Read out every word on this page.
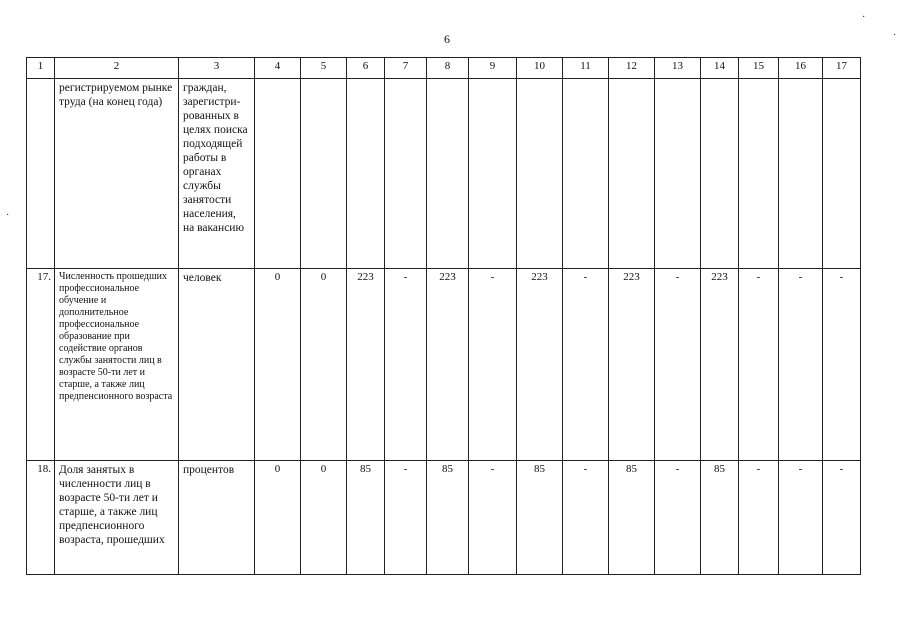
6
·
·
·
1	2	3	4	5	6	7	8	9	10	11	12	13	14	15	16	17
	регистрируемом рынке труда (на конец года)	граждан, зарегистри-рованных в целях поиска подходящей работы в органах службы занятости населения, на вакансию														
17.	Численность прошедших профессиональное обучение и дополнительное профессиональное образование при содействие органов службы занятости лиц в возрасте 50-ти лет и старше, а также лиц предпенсионного возраста	человек	0	0	223	-	223	-	223	-	223	-	223	-	-	-
18.	Доля занятых в численности лиц в возрасте 50-ти лет и старше, а также лиц предпенсионного возраста, прошедших	процентов	0	0	85	-	85	-	85	-	85	-	85	-	-	-
